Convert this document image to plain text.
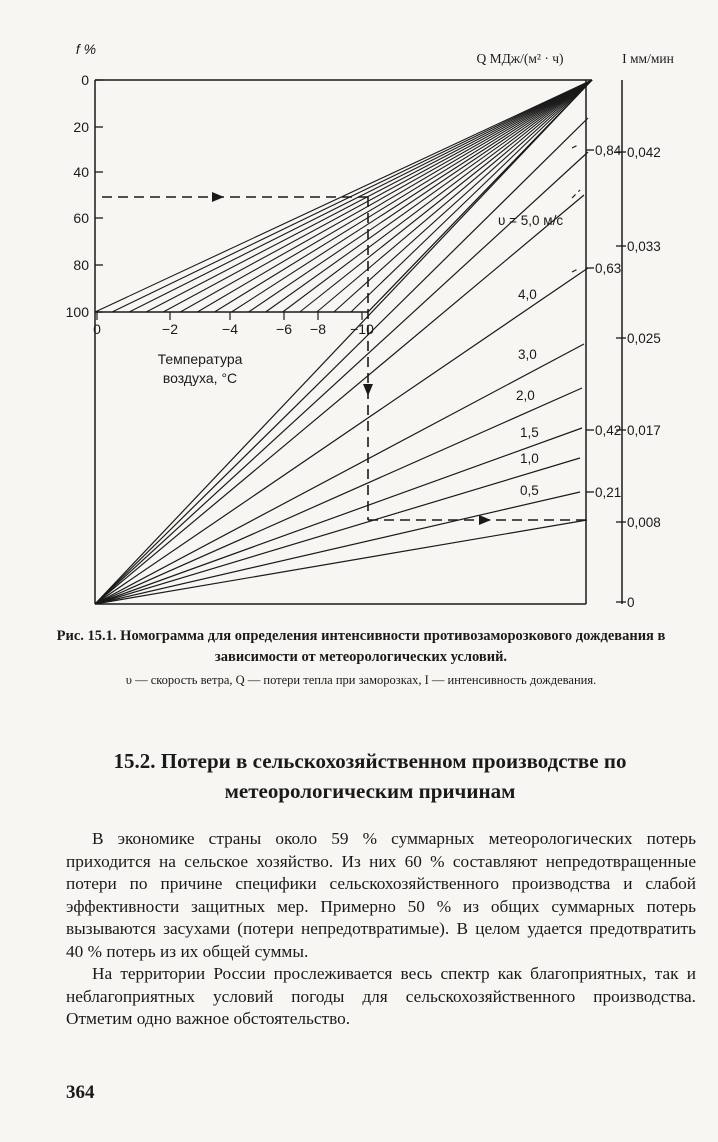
f %
0
20
40
60
80
100
0	−2	−4	−6 −8 −10
Температура
воздуха, °С
υ = 5,0 м/с
4,0
3,0
2,0
1,5
1,0
0,5
Q МДж/(м² · ч)
0,84
0,63
0,42
0,21
I мм/мин
0,042
0,033
0,025
0,017
0,008
0

Рис. 15.1. Номограмма для определения интенсивности противозаморозкового дождевания в зависимости от метеорологических условий.

υ — скорость ветра, Q — потери тепла при заморозках, I — интенсивность дождевания.

15.2. Потери в сельскохозяйственном производстве по метеорологическим причинам

В экономике страны около 59 % суммарных метеорологических потерь приходится на сельское хозяйство. Из них 60 % составляют непредотвращенные потери по причине специфики сельскохозяйственного производства и слабой эффективности защитных мер. Примерно 50 % из общих суммарных потерь вызываются засухами (потери непредотвратимые). В целом удается предотвратить 40 % потерь из их общей суммы.

На территории России прослеживается весь спектр как благоприятных, так и неблагоприятных условий погоды для сельскохозяйственного производства. Отметим одно важное обстоятельство.

364
